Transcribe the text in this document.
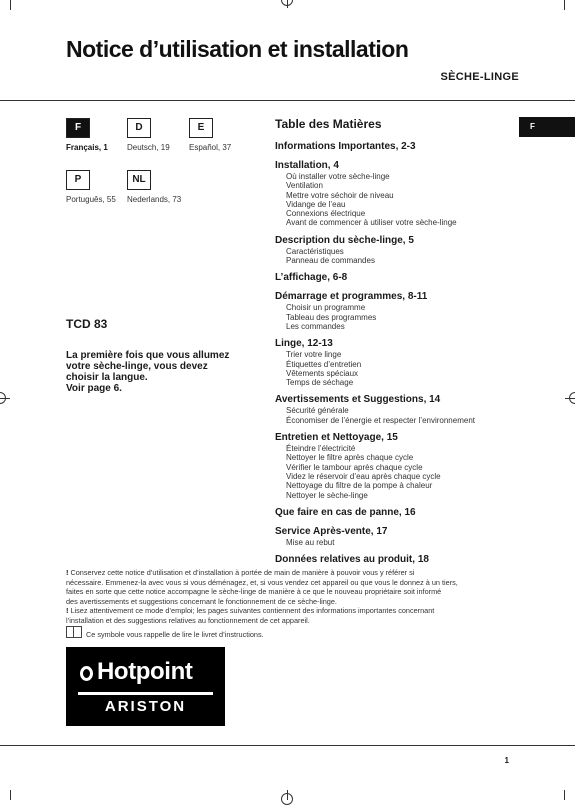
Notice d’utilisation et installation
SÈCHE-LINGE
F
Français, 1
D
Deutsch, 19
E
Español, 37
P
Português, 55
NL
Nederlands, 73
TCD 83
La première fois que vous allumez
votre sèche-linge, vous devez
choisir la langue.
Voir page 6.
Table des Matières	F
Informations Importantes, 2-3
Installation, 4
Où installer votre sèche-linge
Ventilation
Mettre votre séchoir de niveau
Vidange de l’eau
Connexions électrique
Avant de commencer à utiliser votre sèche-linge
Description du sèche-linge, 5
Caractéristiques
Panneau de commandes
L’affichage, 6-8
Démarrage et programmes, 8-11
Choisir un programme
Tableau des programmes
Les commandes
Linge, 12-13
Trier votre linge
Étiquettes d’entretien
Vêtements spéciaux
Temps de séchage
Avertissements et Suggestions, 14
Sécurité générale
Économiser de l’énergie et respecter l’environnement
Entretien et Nettoyage, 15
Éteindre l’électricité
Nettoyer le filtre après chaque cycle
Vérifier le tambour après chaque cycle
Videz le réservoir d’eau après chaque cycle
Nettoyage du filtre de la pompe à chaleur
Nettoyer le sèche-linge
Que faire en cas de panne, 16
Service Après-vente, 17
Mise au rebut
Données relatives au produit, 18
! Conservez cette notice d’utilisation et d’installation à portée de main de manière à pouvoir vous y référer si
nécessaire. Emmenez-la avec vous si vous déménagez, et, si vous vendez cet appareil ou que vous le donnez à un tiers,
faites en sorte que cette notice accompagne le sèche-linge de manière à ce que le nouveau propriétaire soit informé
des avertissements et suggestions concernant le fonctionnement de ce sèche-linge.
! Lisez attentivement ce mode d’emploi; les pages suivantes contiennent des informations importantes concernant
l’installation et des suggestions relatives au fonctionnement de cet appareil.
Ce symbole vous rappelle de lire le livret d’instructions.
Hotpoint
ARISTON
1
